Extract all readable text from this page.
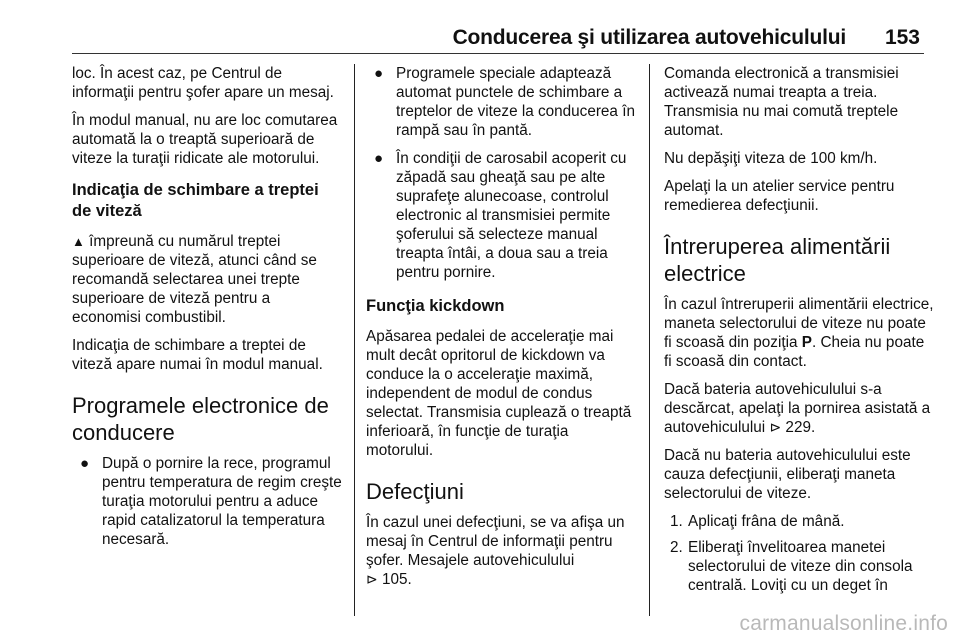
Conducerea şi utilizarea autovehiculului 153

loc. În acest caz, pe Centrul de informaţii pentru şofer apare un mesaj.

În modul manual, nu are loc comutarea automată la o treaptă superioară de viteze la turaţii ridicate ale motorului.

Indicaţia de schimbare a treptei de viteză

▲ împreună cu numărul treptei superioare de viteză, atunci când se recomandă selectarea unei trepte superioare de viteză pentru a economisi combustibil.

Indicaţia de schimbare a treptei de viteză apare numai în modul manual.

Programele electronice de conducere
● După o pornire la rece, programul pentru temperatura de regim creşte turaţia motorului pentru a aduce rapid catalizatorul la temperatura necesară.
● Programele speciale adaptează automat punctele de schimbare a treptelor de viteze la conducerea în rampă sau în pantă.
● În condiţii de carosabil acoperit cu zăpadă sau gheaţă sau pe alte suprafeţe alunecoase, controlul electronic al transmisiei permite şoferului să selecteze manual treapta întâi, a doua sau a treia pentru pornire.
Funcţia kickdown

Apăsarea pedalei de acceleraţie mai mult decât opritorul de kickdown va conduce la o acceleraţie maximă, independent de modul de condus selectat. Transmisia cuplează o treaptă inferioară, în funcţie de turaţia motorului.

Defecţiuni

În cazul unei defecţiuni, se va afişa un mesaj în Centrul de informaţii pentru şofer. Mesajele autovehiculului
⊳ 105.

Comanda electronică a transmisiei activează numai treapta a treia. Transmisia nu mai comută treptele automat.

Nu depăşiţi viteza de 100 km/h.

Apelaţi la un atelier service pentru remedierea defecţiunii.

Întreruperea alimentării electrice

În cazul întreruperii alimentării electrice, maneta selectorului de viteze nu poate fi scoasă din poziţia P. Cheia nu poate fi scoasă din contact.

Dacă bateria autovehiculului s-a descărcat, apelaţi la pornirea asistată a autovehiculului ⊳ 229.

Dacă nu bateria autovehiculului este cauza defecţiunii, eliberaţi maneta selectorului de viteze.

1. Aplicaţi frâna de mână.
2. Eliberaţi învelitoarea manetei selectorului de viteze din consola centrală. Loviţi cu un deget în
carmanualsonline.info
